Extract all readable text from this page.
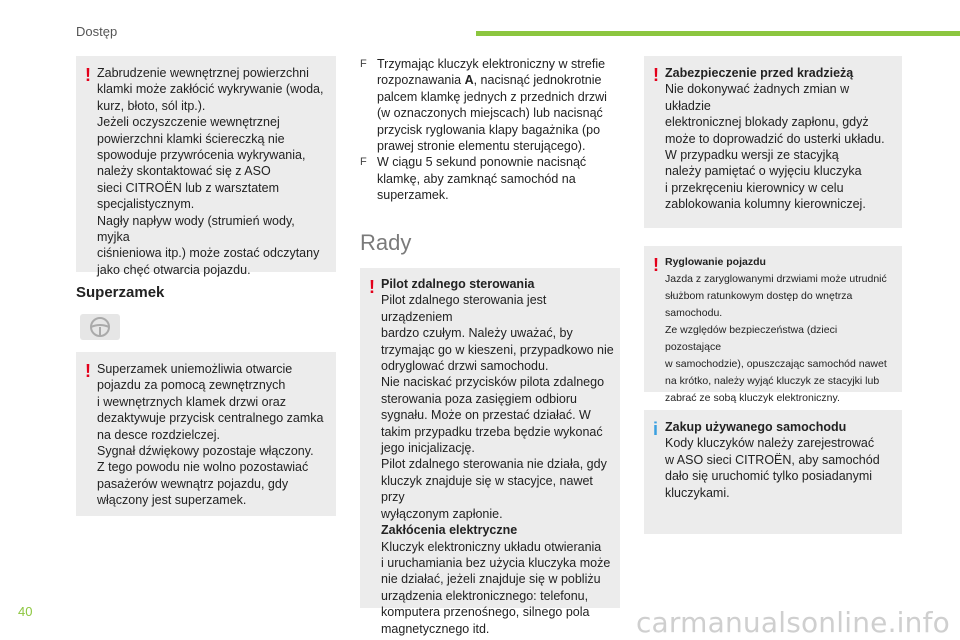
Dostęp
! Zabrudzenie wewnętrznej powierzchni
klamki może zakłócić wykrywanie (woda,
kurz, błoto, sól itp.).
Jeżeli oczyszczenie wewnętrznej
powierzchni klamki ściereczką nie
spowoduje przywrócenia wykrywania,
należy skontaktować się z ASO
sieci CITROËN lub z warsztatem
specjalistycznym.
Nagły napływ wody (strumień wody, myjka
ciśnieniowa itp.) może zostać odczytany
jako chęć otwarcia pojazdu.
Superzamek
! Superzamek uniemożliwia otwarcie
pojazdu za pomocą zewnętrznych
i wewnętrznych klamek drzwi oraz
dezaktywuje przycisk centralnego zamka
na desce rozdzielczej.
Sygnał dźwiękowy pozostaje włączony.
Z tego powodu nie wolno pozostawiać
pasażerów wewnątrz pojazdu, gdy
włączony jest superzamek.
F Trzymając kluczyk elektroniczny w strefie
rozpoznawania A, nacisnąć jednokrotnie
palcem klamkę jednych z przednich drzwi
(w oznaczonych miejscach) lub nacisnąć
przycisk ryglowania klapy bagażnika (po
prawej stronie elementu sterującego).
F W ciągu 5 sekund ponownie nacisnąć
klamkę, aby zamknąć samochód na
superzamek.
Rady
! Pilot zdalnego sterowania

Pilot zdalnego sterowania jest urządzeniem
bardzo czułym. Należy uważać, by
trzymając go w kieszeni, przypadkowo nie
odryglować drzwi samochodu.
Nie naciskać przycisków pilota zdalnego
sterowania poza zasięgiem odbioru
sygnału. Może on przestać działać. W
takim przypadku trzeba będzie wykonać
jego inicjalizację.
Pilot zdalnego sterowania nie działa, gdy
kluczyk znajduje się w stacyjce, nawet przy
wyłączonym zapłonie.

Zakłócenia elektryczne

Kluczyk elektroniczny układu otwierania
i uruchamiania bez użycia kluczyka może
nie działać, jeżeli znajduje się w pobliżu
urządzenia elektronicznego: telefonu,
komputera przenośnego, silnego pola
magnetycznego itd.
! Zabezpieczenie przed kradzieżą

Nie dokonywać żadnych zmian w układzie
elektronicznej blokady zapłonu, gdyż
może to doprowadzić do usterki układu.
W przypadku wersji ze stacyjką
należy pamiętać o wyjęciu kluczyka
i przekręceniu kierownicy w celu
zablokowania kolumny kierowniczej.
! Ryglowanie pojazdu

Jazda z zaryglowanymi drzwiami może utrudnić
służbom ratunkowym dostęp do wnętrza
samochodu.
Ze względów bezpieczeństwa (dzieci pozostające
w samochodzie), opuszczając samochód nawet
na krótko, należy wyjąć kluczyk ze stacyjki lub
zabrać ze sobą kluczyk elektroniczny.
i Zakup używanego samochodu

Kody kluczyków należy zarejestrować
w ASO sieci CITROËN, aby samochód
dało się uruchomić tylko posiadanymi
kluczykami.
40	carmanualsonline.info
